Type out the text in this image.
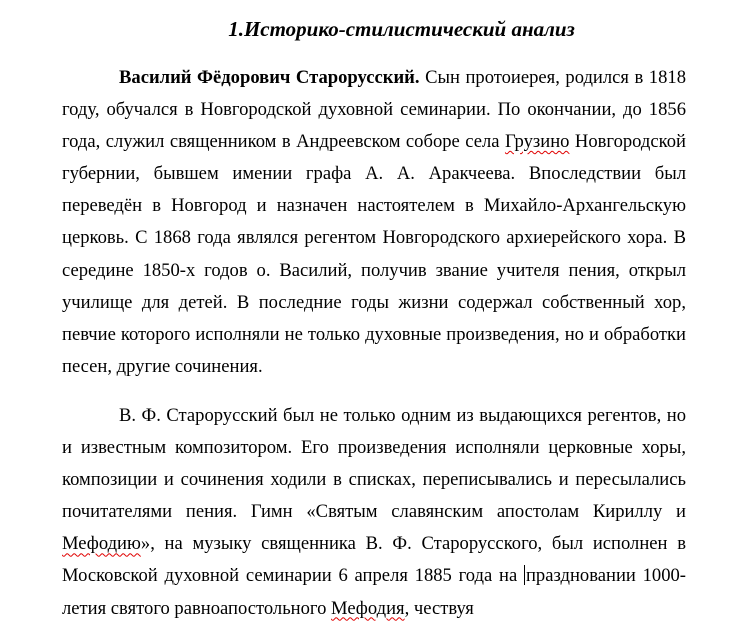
1.Историко-стилистический анализ
Василий Фёдорович Старорусский. Сын протоиерея, родился в 1818 году, обучался в Новгородской духовной семинарии. По окончании, до 1856 года, служил священником в Андреевском соборе села Грузино Новгородской губернии, бывшем имении графа А. А. Аракчеева. Впоследствии был переведён в Новгород и назначен настоятелем в Михайло-Архангельскую церковь. С 1868 года являлся регентом Новгородского архиерейского хора. В середине 1850-х годов о. Василий, получив звание учителя пения, открыл училище для детей. В последние годы жизни содержал собственный хор, певчие которого исполняли не только духовные произведения, но и обработки песен, другие сочинения.
В. Ф. Старорусский был не только одним из выдающихся регентов, но и известным композитором. Его произведения исполняли церковные хоры, композиции и сочинения ходили в списках, переписывались и пересылались почитателями пения. Гимн «Святым славянским апостолам Кириллу и Мефодию», на музыку священника В. Ф. Старорусского, был исполнен в Московской духовной семинарии 6 апреля 1885 года на праздновании 1000-летия святого равноапостольного Мефодия, чествуя
